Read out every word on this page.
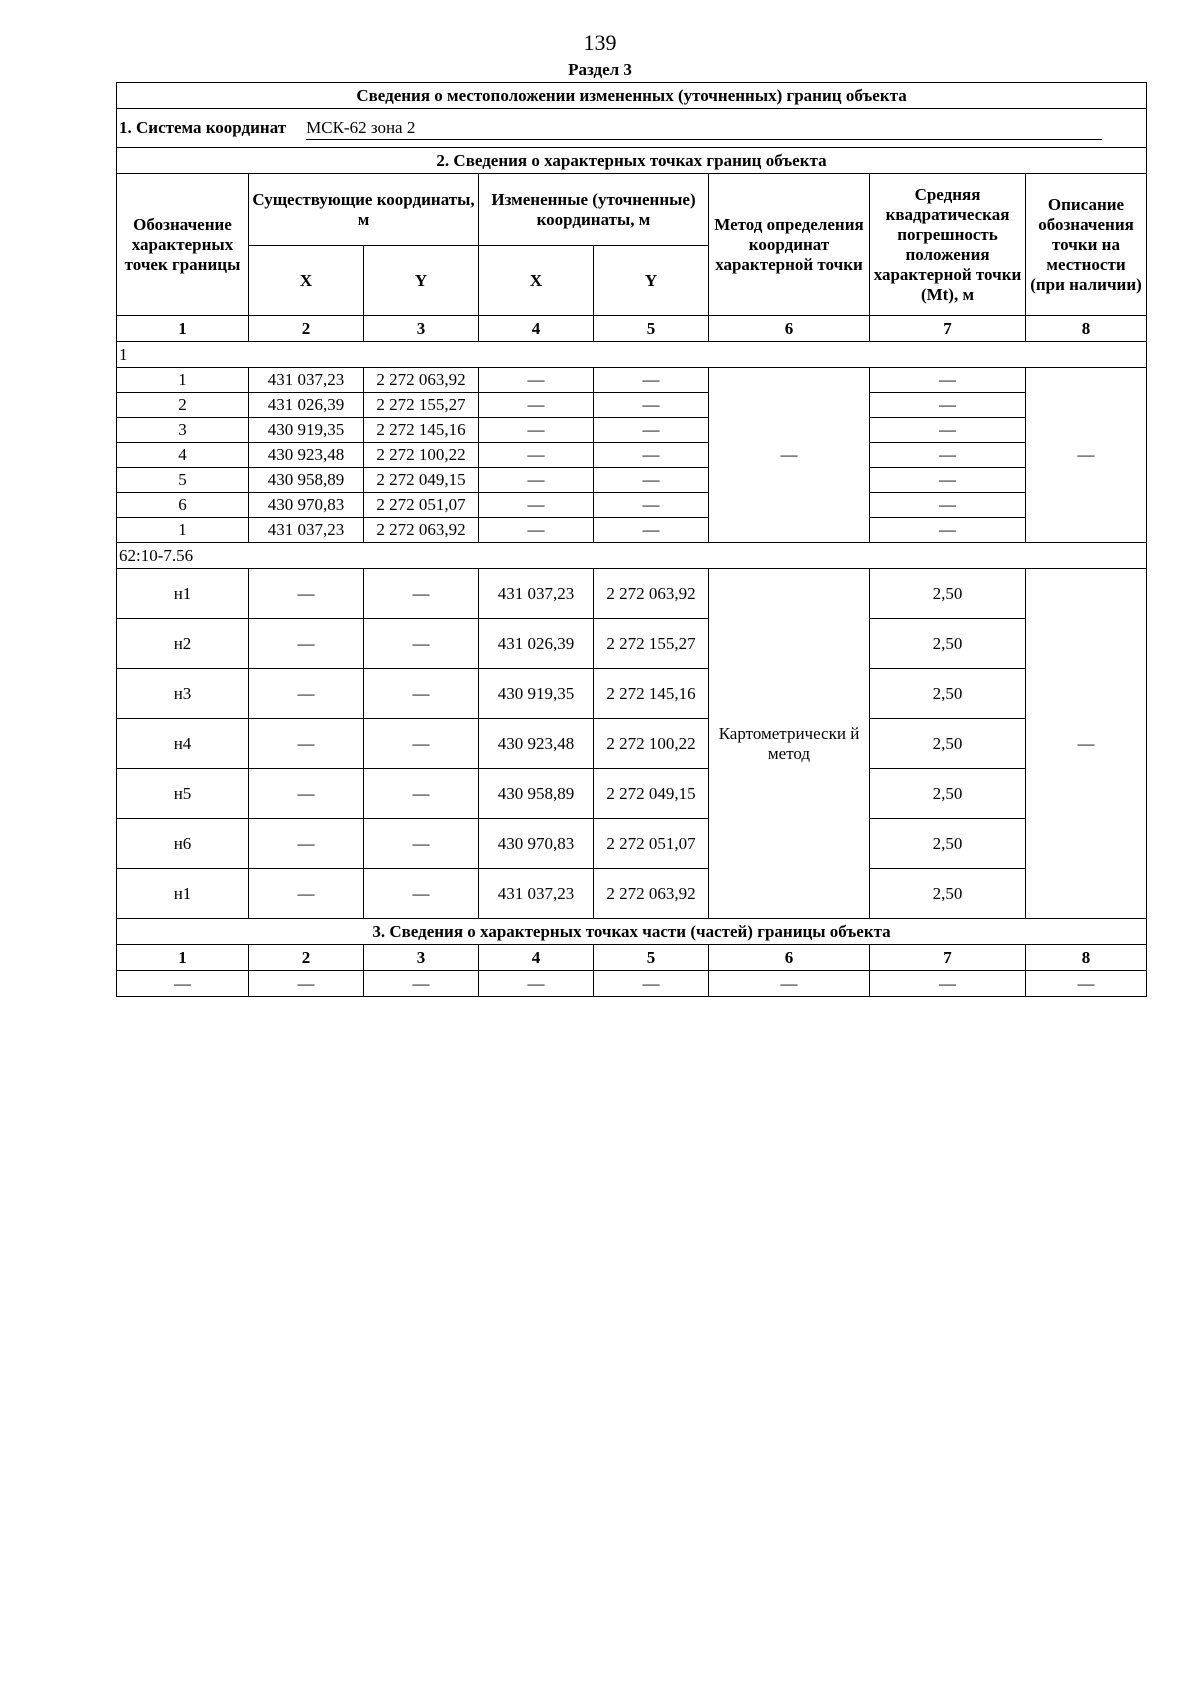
139
Раздел 3
Сведения о местоположении измененных (уточненных) границ объекта							
1. Система координат МСК-62 зона 2							
2. Сведения о характерных точках границ объекта							
Обозначение характерных точек границы	Существующие координаты, м		Измененные (уточненные) координаты, м		Метод определения координат характерной точки	Средняя квадратическая погрешность положения характерной точки (Mt), м	Описание обозначения точки на местности (при наличии)
	X	Y	X	Y			
1	2	3	4	5	6	7	8
1							
1	431 037,23	2 272 063,92	—	—	—	—	—
2	431 026,39	2 272 155,27	—	—		—	
3	430 919,35	2 272 145,16	—	—		—	
4	430 923,48	2 272 100,22	—	—		—	
5	430 958,89	2 272 049,15	—	—		—	
6	430 970,83	2 272 051,07	—	—		—	
1	431 037,23	2 272 063,92	—	—		—	
62:10-7.56							
н1	—	—	431 037,23	2 272 063,92	Картометрически й метод	2,50	—
н2	—	—	431 026,39	2 272 155,27		2,50	
н3	—	—	430 919,35	2 272 145,16		2,50	
н4	—	—	430 923,48	2 272 100,22		2,50	
н5	—	—	430 958,89	2 272 049,15		2,50	
н6	—	—	430 970,83	2 272 051,07		2,50	
н1	—	—	431 037,23	2 272 063,92		2,50	
3. Сведения о характерных точках части (частей) границы объекта							
1	2	3	4	5	6	7	8
—	—	—	—	—	—	—	—
